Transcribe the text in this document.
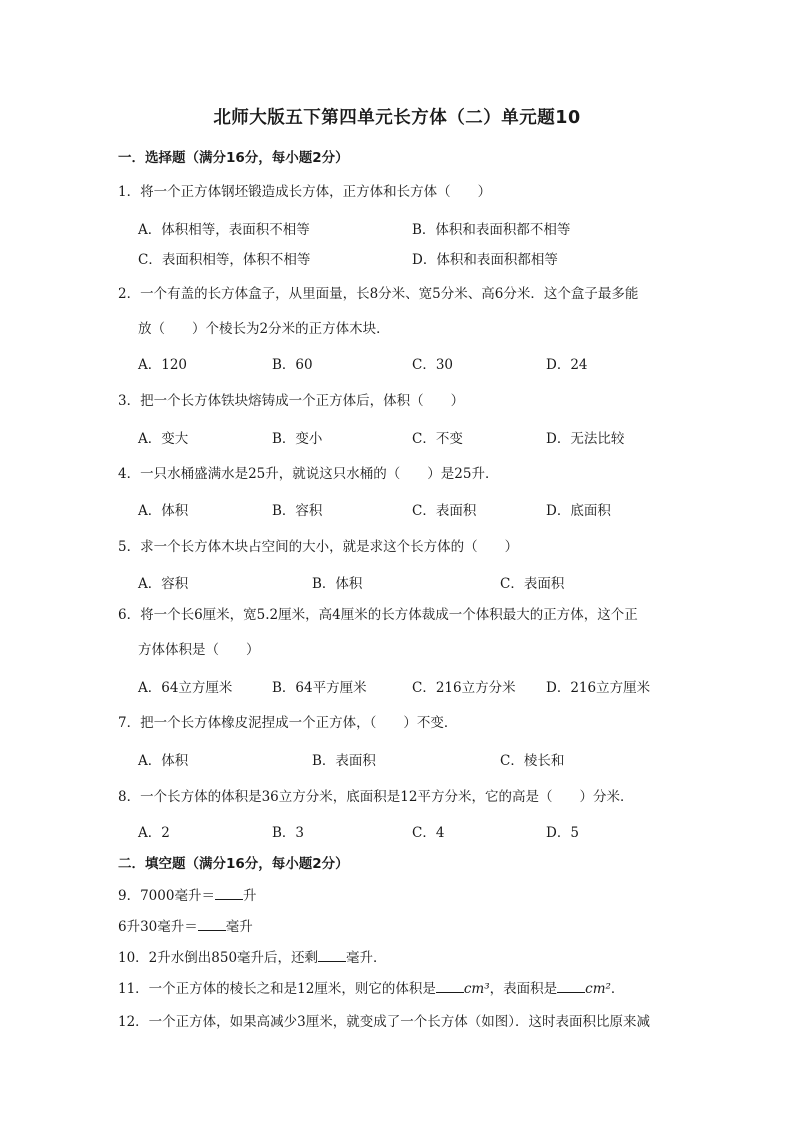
北师大版五下第四单元长方体（二）单元题10
一．选择题（满分16分，每小题2分）
1．将一个正方体钢坯锻造成长方体，正方体和长方体（　　）
A．体积相等，表面积不相等	B．体积和表面积都不相等
C．表面积相等，体积不相等	D．体积和表面积都相等
2．一个有盖的长方体盒子，从里面量，长8分米、宽5分米、高6分米．这个盒子最多能
放（　　）个棱长为2分米的正方体木块．
A．120	B．60	C．30	D．24
3．把一个长方体铁块熔铸成一个正方体后，体积（　　）
A．变大	B．变小	C．不变	D．无法比较
4．一只水桶盛满水是25升，就说这只水桶的（　　）是25升．
A．体积	B．容积	C．表面积	D．底面积
5．求一个长方体木块占空间的大小，就是求这个长方体的（　　）
A．容积	B．体积	C．表面积
6．将一个长6厘米，宽5.2厘米，高4厘米的长方体裁成一个体积最大的正方体，这个正
方体体积是（　　）
A．64立方厘米	B．64平方厘米	C．216立方分米 D．216立方厘米
7．把一个长方体橡皮泥捏成一个正方体，（　　）不变．
A．体积	B．表面积	C．棱长和
8．一个长方体的体积是36立方分米，底面积是12平方分米，它的高是（　　）分米．
A．2	B．3	C．4	D．5
二．填空题（满分16分，每小题2分）
9．7000毫升＝ 升
6升30毫升＝ 毫升
10．2升水倒出850毫升后，还剩 毫升．
11．一个正方体的棱长之和是12厘米，则它的体积是 cm³，表面积是 cm²．
12．一个正方体，如果高减少3厘米，就变成了一个长方体（如图）．这时表面积比原来减
